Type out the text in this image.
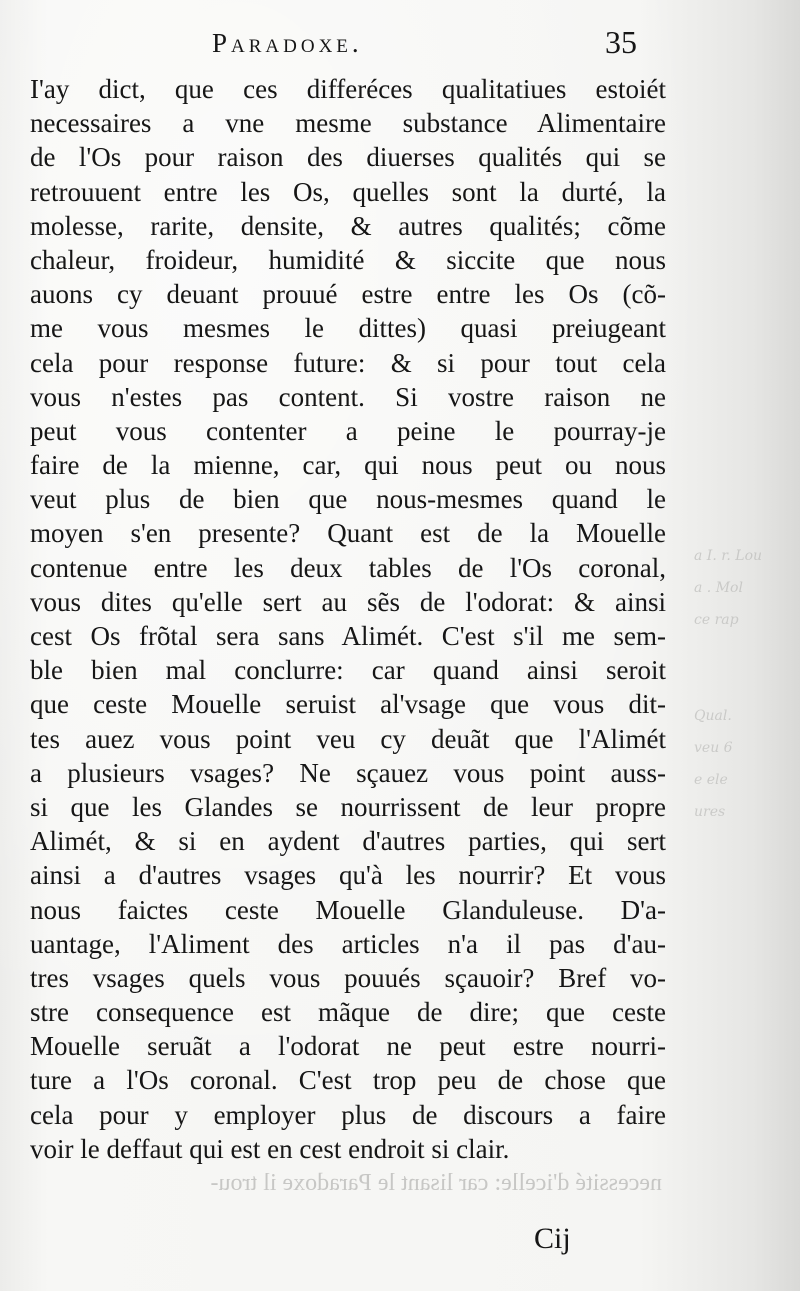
a I. r. Lou
a . Mol
ce rap

Qual.
veu 6
e ele
ures
Paradoxe.	35
I'ay dict, que ces differéces qualitatiues estoiét
necessaires a vne mesme substance Alimentaire
de l'Os pour raison des diuerses qualités qui se
retrouuent entre les Os, quelles sont la durté, la
molesse, rarite, densite, & autres qualités; cõme
chaleur, froideur, humidité & siccite que nous
auons cy deuant prouué estre entre les Os (cõ-
me vous mesmes le dittes) quasi preiugeant
cela pour response future: & si pour tout cela
vous n'estes pas content. Si vostre raison ne
peut vous contenter a peine le pourray-je
faire de la mienne, car, qui nous peut ou nous
veut plus de bien que nous-mesmes quand le
moyen s'en presente? Quant est de la Mouelle
contenue entre les deux tables de l'Os coronal,
vous dites qu'elle sert au sẽs de l'odorat: & ainsi
cest Os frõtal sera sans Alimét. C'est s'il me sem-
ble bien mal conclurre: car quand ainsi seroit
que ceste Mouelle seruist al'vsage que vous dit-
tes auez vous point veu cy deuãt que l'Alimét
a plusieurs vsages? Ne sçauez vous point auss-
si que les Glandes se nourrissent de leur propre
Alimét, & si en aydent d'autres parties, qui sert
ainsi a d'autres vsages qu'à les nourrir? Et vous
nous faictes ceste Mouelle Glanduleuse. D'a-
uantage, l'Aliment des articles n'a il pas d'au-
tres vsages quels vous pouués sçauoir? Bref vo-
stre consequence est mãque de dire; que ceste
Mouelle seruãt a l'odorat ne peut estre nourri-
ture a l'Os coronal. C'est trop peu de chose que
cela pour y employer plus de discours a faire
voir le deffaut qui est en cest endroit si clair.
necessité d'icelle: car lisant le Paradoxe il trou-
Cij
